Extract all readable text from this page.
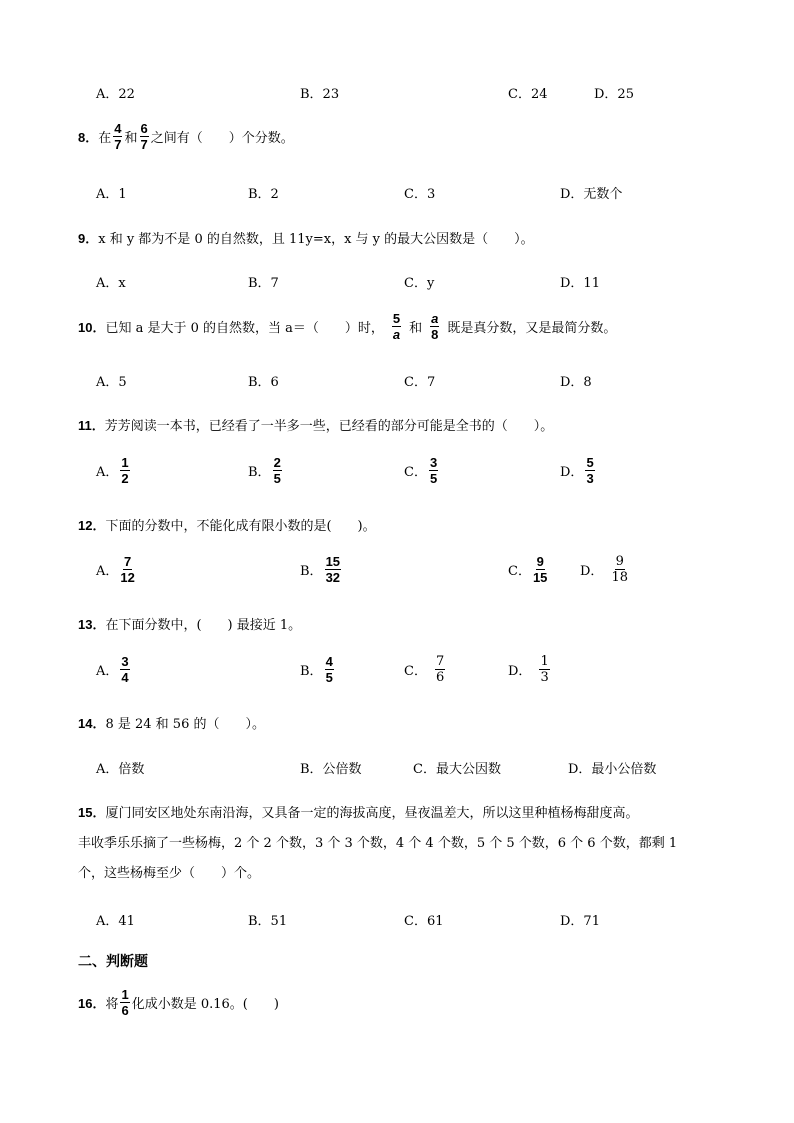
A．22	B．23	C．24	D．25
8． 在 $\frac{4}{7}$ 和 $\frac{6}{7}$ 之间有（　　）个分数。
A．1	B．2	C．3	D．无数个
9．x 和 y 都为不是 0 的自然数，且 11y=x，x 与 y 的最大公因数是（　　）。
A．x	B．7	C．y	D．11
10． 已知 a 是大于 0 的自然数，当 a＝（　　）时， $\frac{5}{a}$ 和 $\frac{a}{8}$ 既是真分数，又是最简分数。
A．5	B．6	C．7	D．8
11．芳芳阅读一本书，已经看了一半多一些，已经看的部分可能是全书的（　　）。
A． $\frac{1}{2}$	B． $\frac{2}{5}$	C． $\frac{3}{5}$	D． $\frac{5}{3}$
12．下面的分数中，不能化成有限小数的是(　　)。
A． $\frac{7}{12}$	B． $\frac{15}{32}$	C． $\frac{9}{15}$	D． $\frac{9}{18}$
13．在下面分数中，(　　) 最接近 1。
A． $\frac{3}{4}$	B． $\frac{4}{5}$	C． $\frac{7}{6}$	D． $\frac{1}{3}$
14．8 是 24 和 56 的（　　）。
A．倍数	B．公倍数	C．最大公因数	D．最小公倍数
15．厦门同安区地处东南沿海，又具备一定的海拔高度，昼夜温差大，所以这里种植杨梅甜度高。
丰收季乐乐摘了一些杨梅，2 个 2 个数，3 个 3 个数，4 个 4 个数，5 个 5 个数，6 个 6 个数，都剩 1
个，这些杨梅至少（　　）个。
A．41	B．51	C．61	D．71
二、判断题
16． 将 $\frac{1}{6}$ 化成小数是 0.16。(　　)
